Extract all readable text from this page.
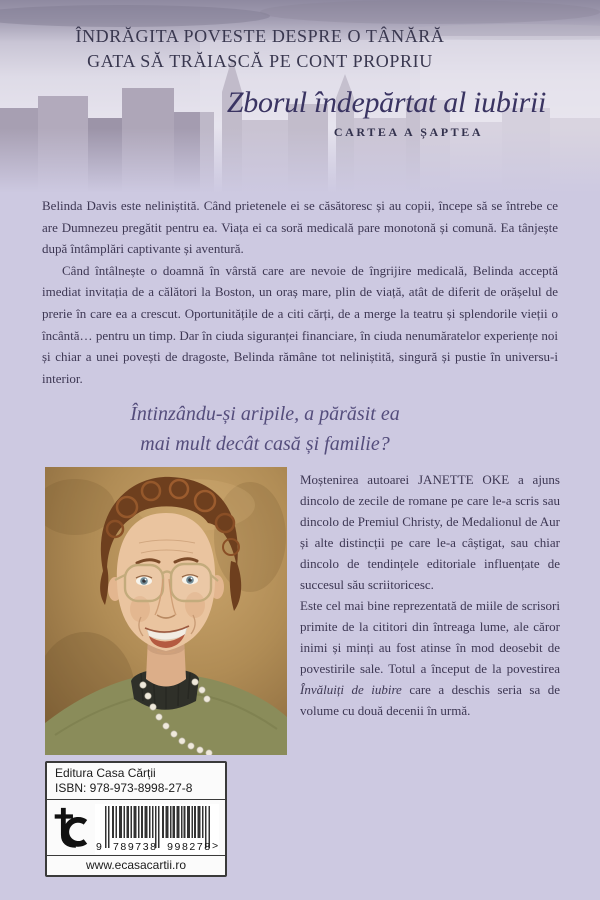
ÎNDRĂGITA POVESTE DESPRE O TÂNĂRĂ
GATA SĂ TRĂIASCĂ PE CONT PROPRIU
Zborul îndepărtat al iubirii
CARTEA A ȘAPTEA

Belinda Davis este neliniștită. Când prietenele ei se căsătoresc și au copii, începe să se întrebe ce are Dumnezeu pregătit pentru ea. Viața ei ca soră medicală pare monotonă și comună. Ea tânjește după întâmplări captivante și aventură.

Când întâlnește o doamnă în vârstă care are nevoie de îngrijire medicală, Belinda acceptă imediat invitația de a călători la Boston, un oraș mare, plin de viață, atât de diferit de orășelul de prerie în care ea a crescut. Oportunitățile de a citi cărți, de a merge la teatru și splendorile vieții o încântă… pentru un timp. Dar în ciuda siguranței financiare, în ciuda nenumăratelor experiențe noi și chiar a unei povești de dragoste, Belinda rămâne tot neliniștită, singură și pustie în universu-i interior.

Întinzându-și aripile, a părăsit ea
mai mult decât casă și familie?

Moștenirea autoarei JANETTE OKE a ajuns dincolo de zecile de romane pe care le-a scris sau dincolo de Premiul Christy, de Medalionul de Aur și alte distincții pe care le-a câștigat, sau chiar dincolo de tendințele editoriale influențate de succesul său scriitoricesc.

Este cel mai bine reprezentată de miile de scrisori primite de la cititori din întreaga lume, ale căror inimi și minți au fost atinse în mod deosebit de povestirile sale. Totul a început de la povestirea Învăluiți de iubire care a deschis seria sa de volume cu două decenii în urmă.

Editura Casa Cărții
ISBN: 978-973-8998-27-8
9 789738 998278 >
www.ecasacartii.ro
